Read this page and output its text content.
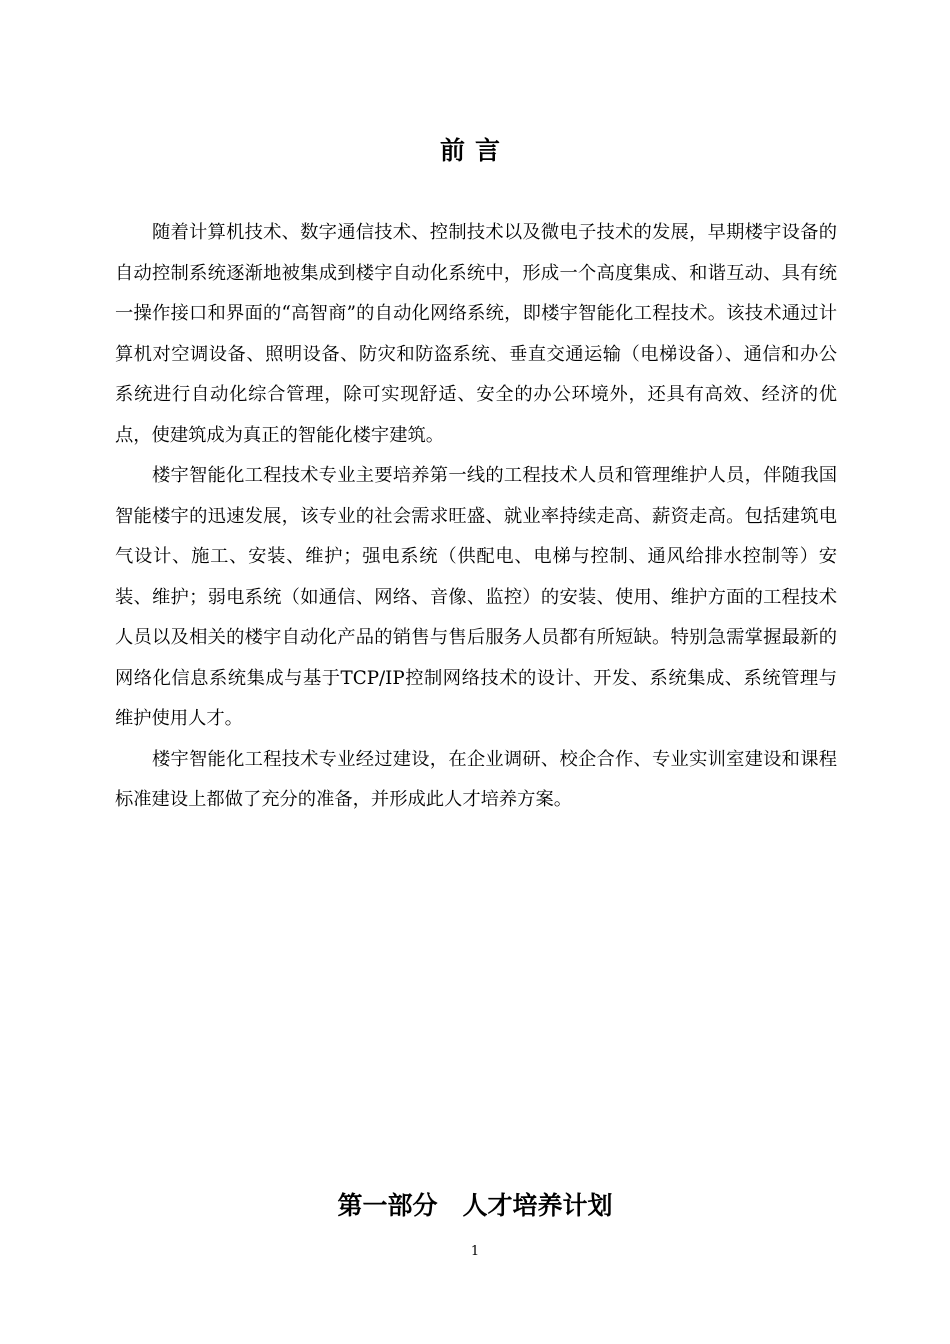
前言

随着计算机技术、数字通信技术、控制技术以及微电子技术的发展，早期楼宇设备的自动控制系统逐渐地被集成到楼宇自动化系统中，形成一个高度集成、和谐互动、具有统一操作接口和界面的“高智商”的自动化网络系统，即楼宇智能化工程技术。该技术通过计算机对空调设备、照明设备、防灾和防盗系统、垂直交通运输（电梯设备）、通信和办公系统进行自动化综合管理，除可实现舒适、安全的办公环境外，还具有高效、经济的优点，使建筑成为真正的智能化楼宇建筑。

楼宇智能化工程技术专业主要培养第一线的工程技术人员和管理维护人员，伴随我国智能楼宇的迅速发展，该专业的社会需求旺盛、就业率持续走高、薪资走高。包括建筑电气设计、施工、安装、维护；强电系统（供配电、电梯与控制、通风给排水控制等）安装、维护；弱电系统（如通信、网络、音像、监控）的安装、使用、维护方面的工程技术人员以及相关的楼宇自动化产品的销售与售后服务人员都有所短缺。特别急需掌握最新的网络化信息系统集成与基于TCP/IP控制网络技术的设计、开发、系统集成、系统管理与维护使用人才。

楼宇智能化工程技术专业经过建设，在企业调研、校企合作、专业实训室建设和课程标准建设上都做了充分的准备，并形成此人才培养方案。

第一部分　人才培养计划
1
